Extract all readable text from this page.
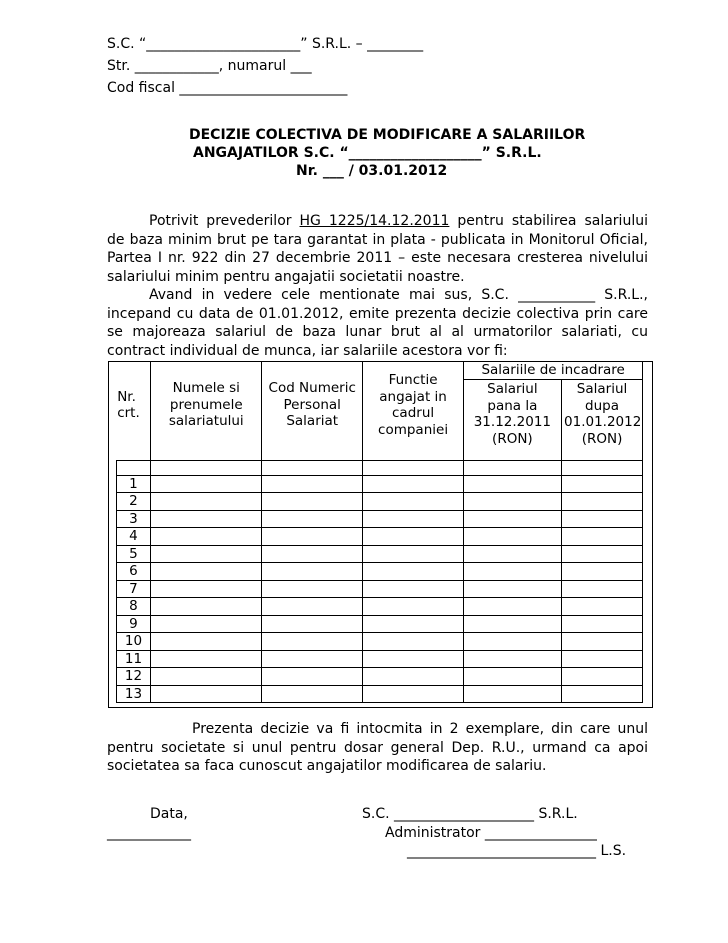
S.C. “______________________” S.R.L. – ________
Str. ____________, numarul ___
Cod fiscal ________________________
DECIZIE COLECTIVA DE MODIFICARE A SALARIILOR
ANGAJATILOR S.C. “___________________” S.R.L.
Nr. ___ / 03.01.2012
Potrivit prevederilor HG 1225/14.12.2011 pentru stabilirea salariului de baza minim brut pe tara garantat in plata - publicata in Monitorul Oficial, Partea I nr. 922 din 27 decembrie 2011 – este necesara cresterea nivelului salariului minim pentru angajatii societatii noastre.
Avand in vedere cele mentionate mai sus, S.C. ___________ S.R.L., incepand cu data de 01.01.2012, emite prezenta decizie colectiva prin care se majoreaza salariul de baza lunar brut al al urmatorilor salariati, cu contract individual de munca, iar salariile acestora vor fi:

	Nr. crt.	Numele si prenumele salariatului	Cod Numeric Personal Salariat	Functie angajat in cadrul companiei	Salariile de incadrare		

					Salariul pana la 31.12.2011 (RON)	Salariul dupa 01.01.2012 (RON)	

	1						
	2						
	3						
	4						
	5						
	6						
	7						
	8						
	9						
	10						
	11						
	12						
	13						
Prezenta decizie va fi intocmita in 2 exemplare, din care unul pentru societate si unul pentru dosar general Dep. R.U., urmand ca apoi societatea sa faca cunoscut angajatilor modificarea de salariu.
Data,
____________
S.C. ____________________ S.R.L.
Administrator ________________
___________________________ L.S.
